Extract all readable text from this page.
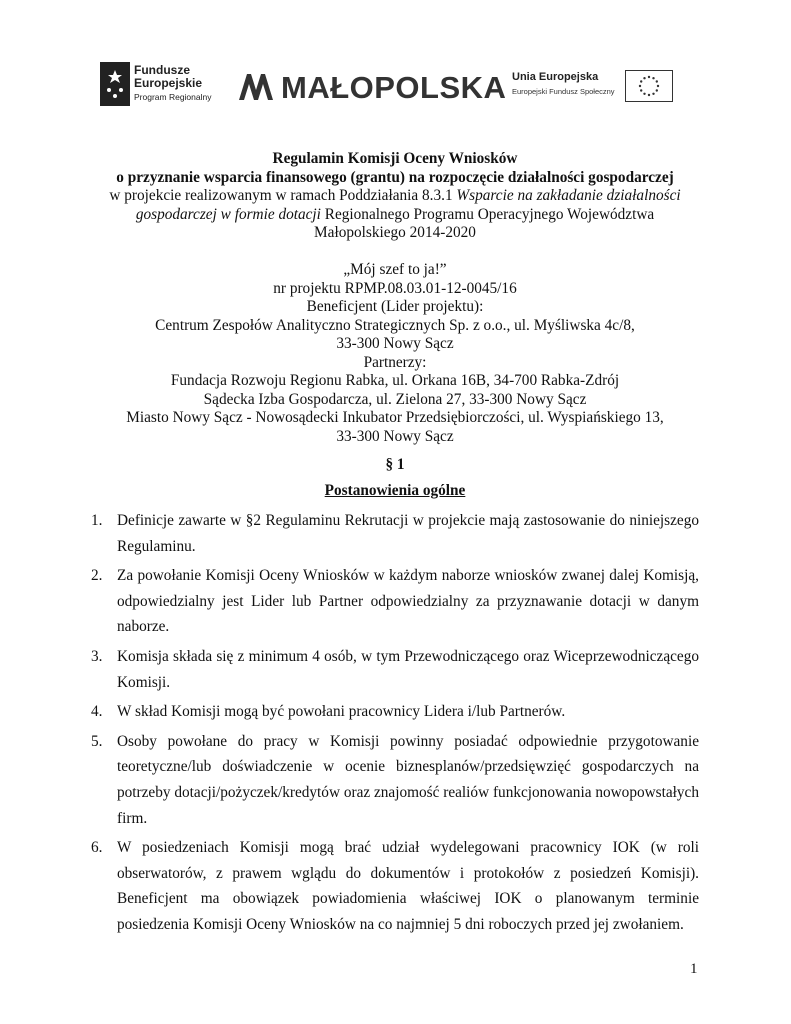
Fundusze
Europejskie
Program Regionalny MAŁOPOLSKA Unia Europejska
Europejski Fundusz Społeczny

Regulamin Komisji Oceny Wniosków

o przyznanie wsparcia finansowego (grantu) na rozpoczęcie działalności gospodarczej

w projekcie realizowanym w ramach Poddziałania 8.3.1 Wsparcie na zakładanie działalności

gospodarczej w formie dotacji Regionalnego Programu Operacyjnego Województwa

Małopolskiego 2014-2020

„Mój szef to ja!”

nr projektu RPMP.08.03.01-12-0045/16

Beneficjent (Lider projektu):

Centrum Zespołów Analityczno Strategicznych Sp. z o.o., ul. Myśliwska 4c/8,

33-300 Nowy Sącz

Partnerzy:

Fundacja Rozwoju Regionu Rabka, ul. Orkana 16B, 34-700 Rabka-Zdrój

Sądecka Izba Gospodarcza, ul. Zielona 27, 33-300 Nowy Sącz

Miasto Nowy Sącz - Nowosądecki Inkubator Przedsiębiorczości, ul. Wyspiańskiego 13,

33-300 Nowy Sącz

§ 1
Postanowienia ogólne
1. Definicje zawarte w §2 Regulaminu Rekrutacji w projekcie mają zastosowanie do niniejszego Regulaminu.
2. Za powołanie Komisji Oceny Wniosków w każdym naborze wniosków zwanej dalej Komisją, odpowiedzialny jest Lider lub Partner odpowiedzialny za przyznawanie dotacji w danym naborze.
3. Komisja składa się z minimum 4 osób, w tym Przewodniczącego oraz Wiceprzewodniczącego Komisji.
4. W skład Komisji mogą być powołani pracownicy Lidera i/lub Partnerów.
5. Osoby powołane do pracy w Komisji powinny posiadać odpowiednie przygotowanie teoretyczne/lub doświadczenie w ocenie biznesplanów/przedsięwzięć gospodarczych na potrzeby dotacji/pożyczek/kredytów oraz znajomość realiów funkcjonowania nowopowstałych firm.
6. W posiedzeniach Komisji mogą brać udział wydelegowani pracownicy IOK (w roli obserwatorów, z prawem wglądu do dokumentów i protokołów z posiedzeń Komisji). Beneficjent ma obowiązek powiadomienia właściwej IOK o planowanym terminie posiedzenia Komisji Oceny Wniosków na co najmniej 5 dni roboczych przed jej zwołaniem.
1
